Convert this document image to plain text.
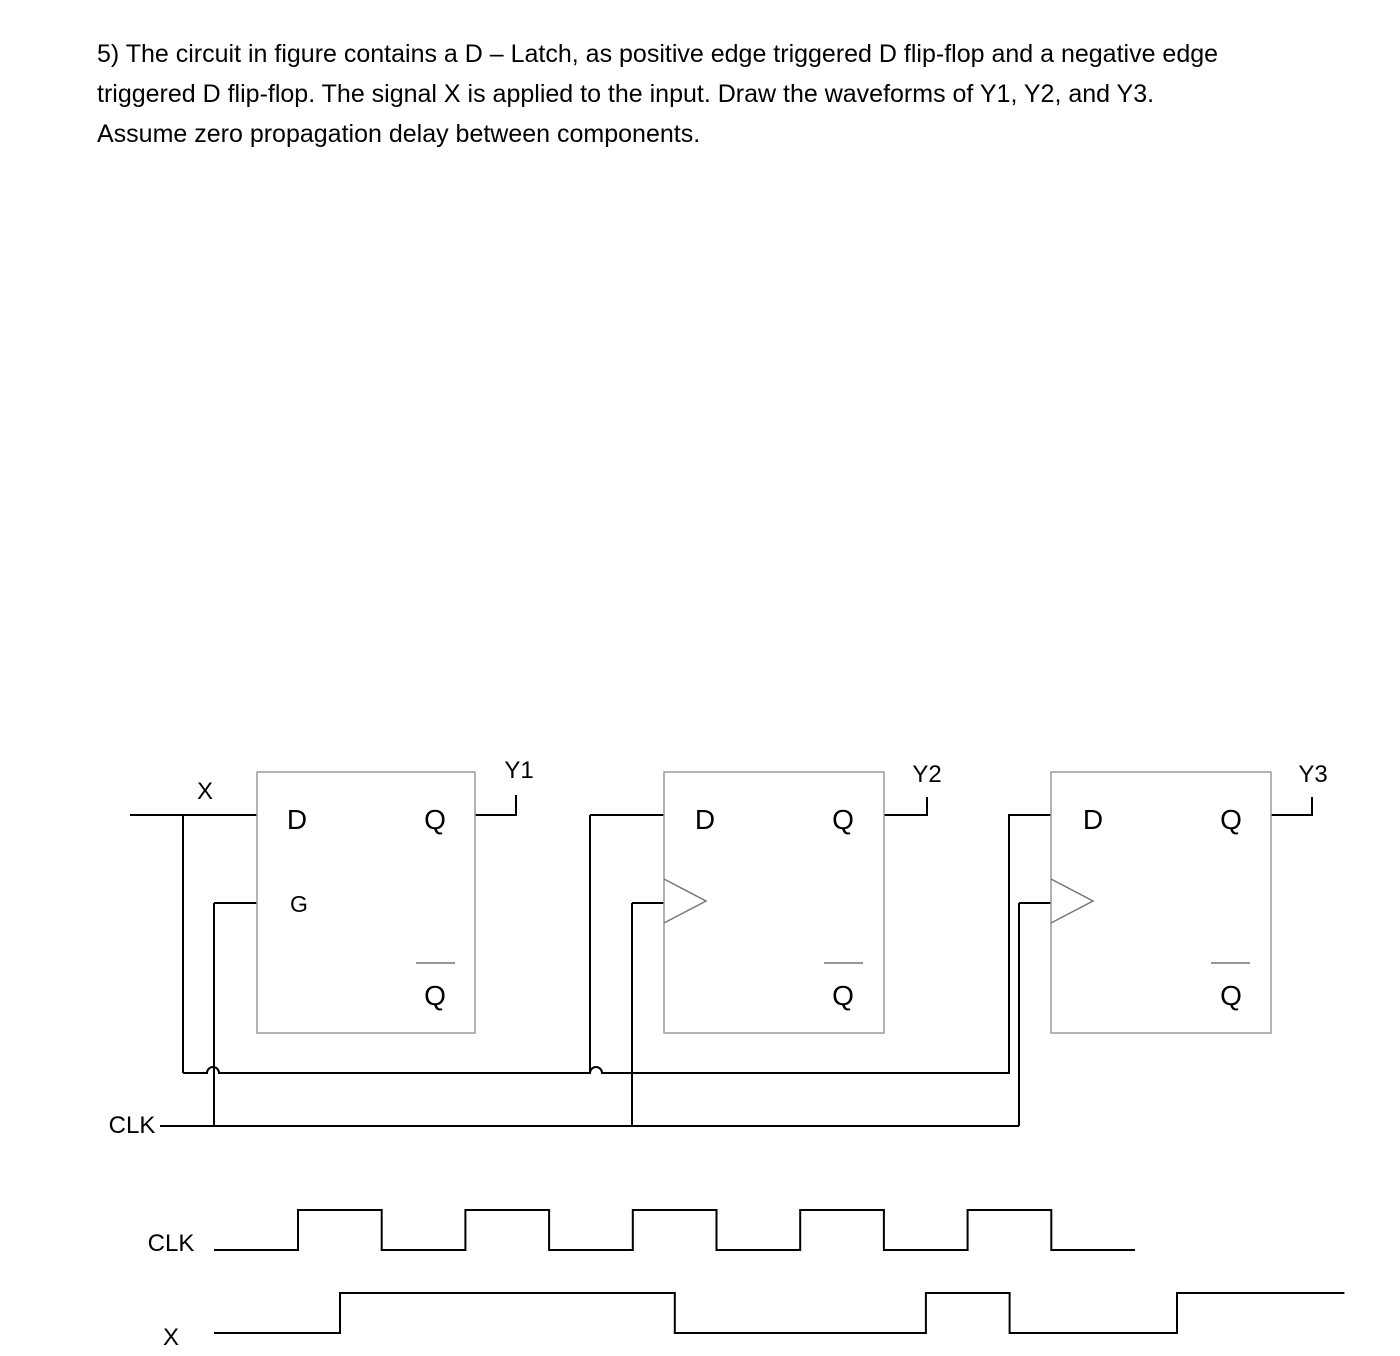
5) The circuit in figure contains a D – Latch, as positive edge triggered D flip-flop and a negative edge

triggered D flip-flop. The signal X is applied to the input. Draw the waveforms of Y1, Y2, and Y3.

Assume zero propagation delay between components.

X
CLK
D
G
Q
Q
Y1
D	Q
Q
Y2
D	Q
Q
Y3
CLK
X
